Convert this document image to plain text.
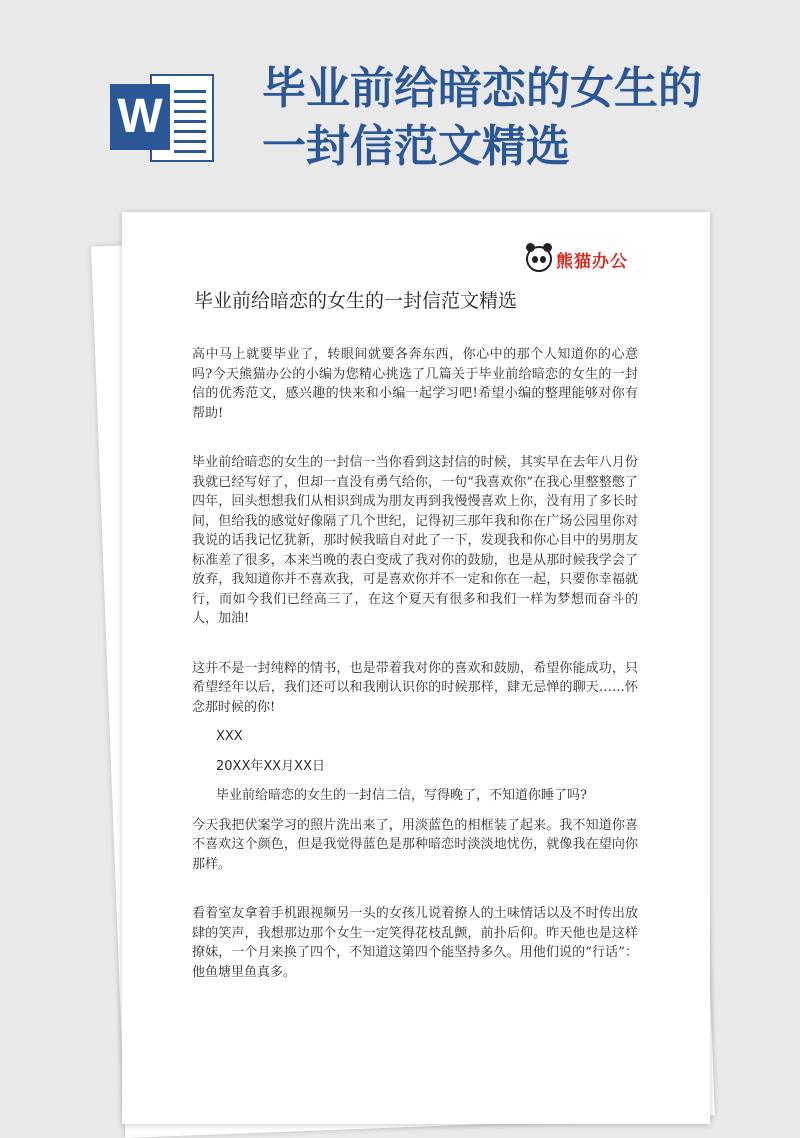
W
毕业前给暗恋的女生的
一封信范文精选
熊猫办公
毕业前给暗恋的女生的一封信范文精选

高中马上就要毕业了，转眼间就要各奔东西，你心中的那个人知道你的心意吗?今天熊猫办公的小编为您精心挑选了几篇关于毕业前给暗恋的女生的一封信的优秀范文，感兴趣的快来和小编一起学习吧!希望小编的整理能够对你有帮助!

毕业前给暗恋的女生的一封信一当你看到这封信的时候，其实早在去年八月份我就已经写好了，但却一直没有勇气给你，一句“我喜欢你”在我心里整整憋了四年，回头想想我们从相识到成为朋友再到我慢慢喜欢上你，没有用了多长时间，但给我的感觉好像隔了几个世纪，记得初三那年我和你在广场公园里你对我说的话我记忆犹新，那时候我暗自对此了一下，发现我和你心目中的男朋友标准差了很多，本来当晚的表白变成了我对你的鼓励，也是从那时候我学会了放弃，我知道你并不喜欢我，可是喜欢你并不一定和你在一起，只要你幸福就行，而如今我们已经高三了，在这个夏天有很多和我们一样为梦想而奋斗的人，加油!

这并不是一封纯粹的情书，也是带着我对你的喜欢和鼓励，希望你能成功，只希望经年以后，我们还可以和我刚认识你的时候那样，肆无忌惮的聊天……怀念那时候的你!

XXX

20XX年XX月XX日

毕业前给暗恋的女生的一封信二信，写得晚了，不知道你睡了吗?

今天我把伏案学习的照片洗出来了，用淡蓝色的相框装了起来。我不知道你喜不喜欢这个颜色，但是我觉得蓝色是那种暗恋时淡淡地忧伤，就像我在望向你那样。

看着室友拿着手机跟视频另一头的女孩儿说着撩人的土味情话以及不时传出放肆的笑声，我想那边那个女生一定笑得花枝乱颤，前扑后仰。昨天他也是这样撩妹，一个月来换了四个，不知道这第四个能坚持多久。用他们说的“行话”：他鱼塘里鱼真多。
